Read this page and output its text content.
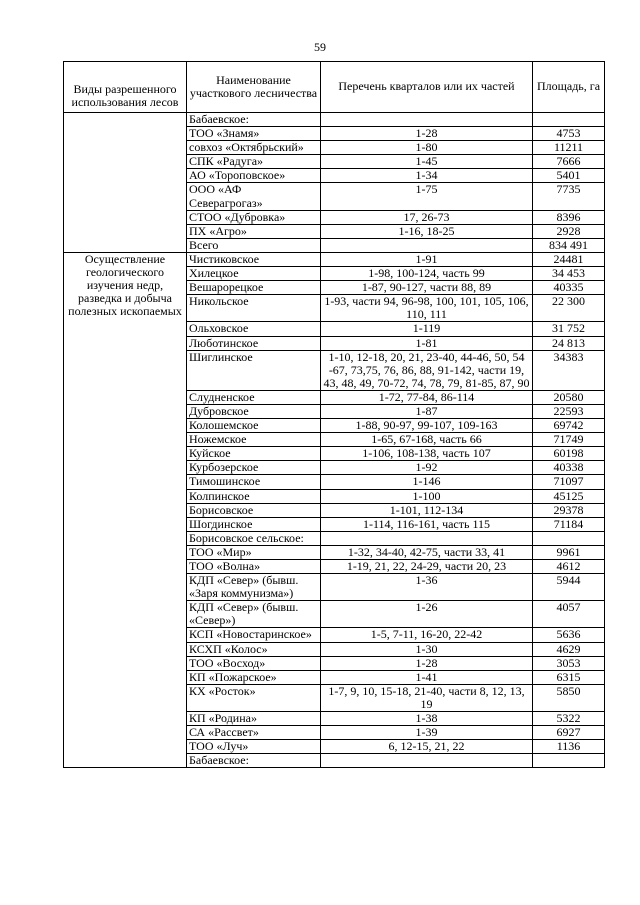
59
Виды разрешенного использования лесов	Наименование участкового лесничества	Перечень кварталов или их частей	Площадь, га
	Бабаевское:		
	ТОО «Знамя»	1-28	4753
	совхоз «Октябрьский»	1-80	11211
	СПК «Радуга»	1-45	7666
	АО «Тороповское»	1-34	5401
	ООО «АФ Северагрогаз»	1-75	7735
	СТОО «Дубровка»	17, 26-73	8396
	ПХ «Агро»	1-16, 18-25	2928
	Всего		834 491
Осуществление геологического изучения недр, разведка и добыча полезных ископаемых	Чистиковское	1-91	24481
	Хилецкое	1-98, 100-124, часть 99	34 453
	Вешарорецкое	1-87, 90-127, части 88, 89	40335
	Никольское	1-93, части 94, 96-98, 100, 101, 105, 106, 110, 111	22 300
	Ольховское	1-119	31 752
	Люботинское	1-81	24 813
	Шиглинское	1-10, 12-18, 20, 21, 23-40, 44-46, 50, 54 -67, 73,75, 76, 86, 88, 91-142, части 19, 43, 48, 49, 70-72, 74, 78, 79, 81-85, 87, 90	34383
	Слудненское	1-72, 77-84, 86-114	20580
	Дубровское	1-87	22593
	Колошемское	1-88, 90-97, 99-107, 109-163	69742
	Ножемское	1-65, 67-168, часть 66	71749
	Куйское	1-106, 108-138, часть 107	60198
	Курбозерское	1-92	40338
	Тимошинское	1-146	71097
	Колпинское	1-100	45125
	Борисовское	1-101, 112-134	29378
	Шогдинское	1-114, 116-161, часть 115	71184
	Борисовское сельское:		
	ТОО «Мир»	1-32, 34-40, 42-75, части 33, 41	9961
	ТОО «Волна»	1-19, 21, 22, 24-29, части 20, 23	4612
	КДП «Север» (бывш. «Заря коммунизма»)	1-36	5944
	КДП «Север» (бывш. «Север»)	1-26	4057
	КСП «Новостаринское»	1-5, 7-11, 16-20, 22-42	5636
	КСХП «Колос»	1-30	4629
	ТОО «Восход»	1-28	3053
	КП «Пожарское»	1-41	6315
	КХ «Росток»	1-7, 9, 10, 15-18, 21-40, части 8, 12, 13, 19	5850
	КП «Родина»	1-38	5322
	СА «Рассвет»	1-39	6927
	ТОО «Луч»	6, 12-15, 21, 22	1136
	Бабаевское:		
